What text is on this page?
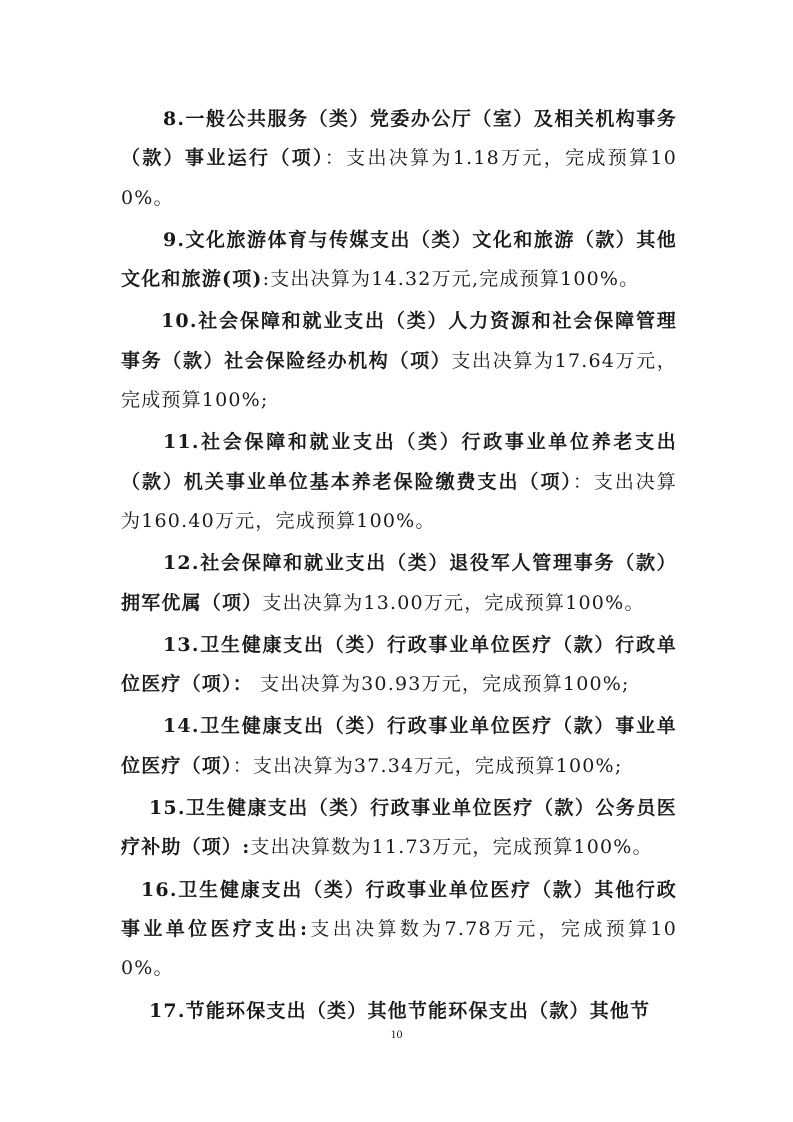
8.一般公共服务（类）党委办公厅（室）及相关机构事务（款）事业运行（项）：支出决算为1.18万元，完成预算100%。

9.文化旅游体育与传媒支出（类）文化和旅游（款）其他文化和旅游(项):支出决算为14.32万元,完成预算100%。

10.社会保障和就业支出（类）人力资源和社会保障管理事务（款）社会保险经办机构（项）支出决算为17.64万元，完成预算100%;

11.社会保障和就业支出（类）行政事业单位养老支出（款）机关事业单位基本养老保险缴费支出（项）：支出决算为160.40万元，完成预算100%。

12.社会保障和就业支出（类）退役军人管理事务（款）拥军优属（项）支出决算为13.00万元，完成预算100%。

13.卫生健康支出（类）行政事业单位医疗（款）行政单位医疗（项）： 支出决算为30.93万元，完成预算100%;

14.卫生健康支出（类）行政事业单位医疗（款）事业单位医疗（项）：支出决算为37.34万元，完成预算100%;

15.卫生健康支出（类）行政事业单位医疗（款）公务员医疗补助（项）:支出决算数为11.73万元，完成预算100%。

16.卫生健康支出（类）行政事业单位医疗（款）其他行政事业单位医疗支出:支出决算数为7.78万元，完成预算100%。

17.节能环保支出（类）其他节能环保支出（款）其他节

10
